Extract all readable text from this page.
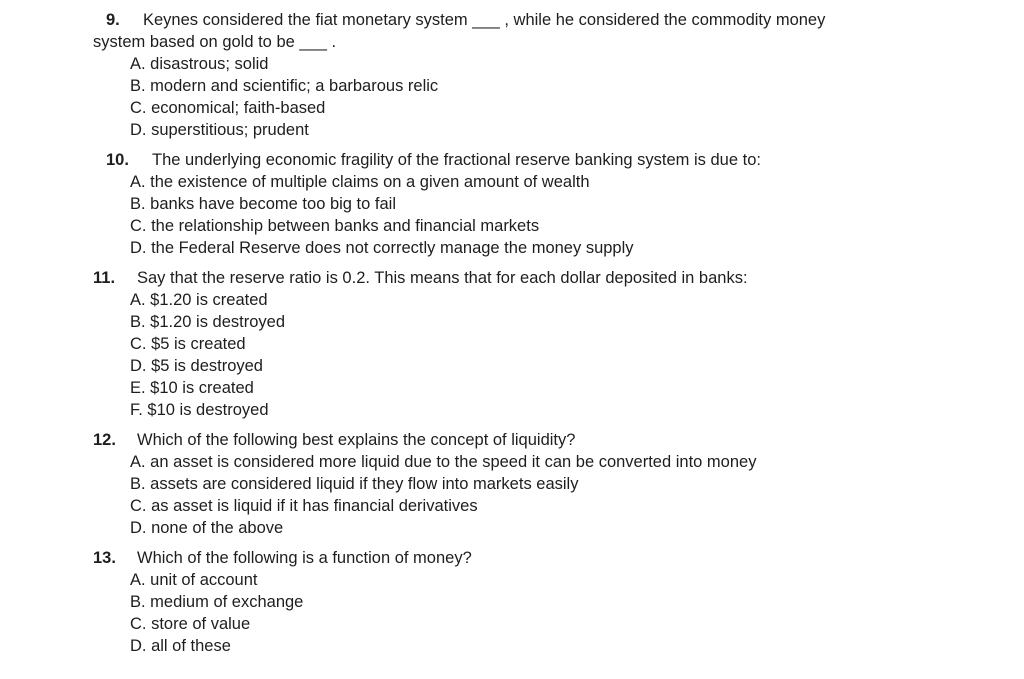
9. Keynes considered the fiat monetary system ___ , while he considered the commodity money
system based on gold to be ___ .
A. disastrous; solid
B. modern and scientific; a barbarous relic
C. economical; faith-based
D. superstitious; prudent
10. The underlying economic fragility of the fractional reserve banking system is due to:
A. the existence of multiple claims on a given amount of wealth
B. banks have become too big to fail
C. the relationship between banks and financial markets
D. the Federal Reserve does not correctly manage the money supply
11. Say that the reserve ratio is 0.2. This means that for each dollar deposited in banks:
A. $1.20 is created
B. $1.20 is destroyed
C. $5 is created
D. $5 is destroyed
E. $10 is created
F. $10 is destroyed
12. Which of the following best explains the concept of liquidity?
A. an asset is considered more liquid due to the speed it can be converted into money
B. assets are considered liquid if they flow into markets easily
C. as asset is liquid if it has financial derivatives
D. none of the above
13. Which of the following is a function of money?
A. unit of account
B. medium of exchange
C. store of value
D. all of these
